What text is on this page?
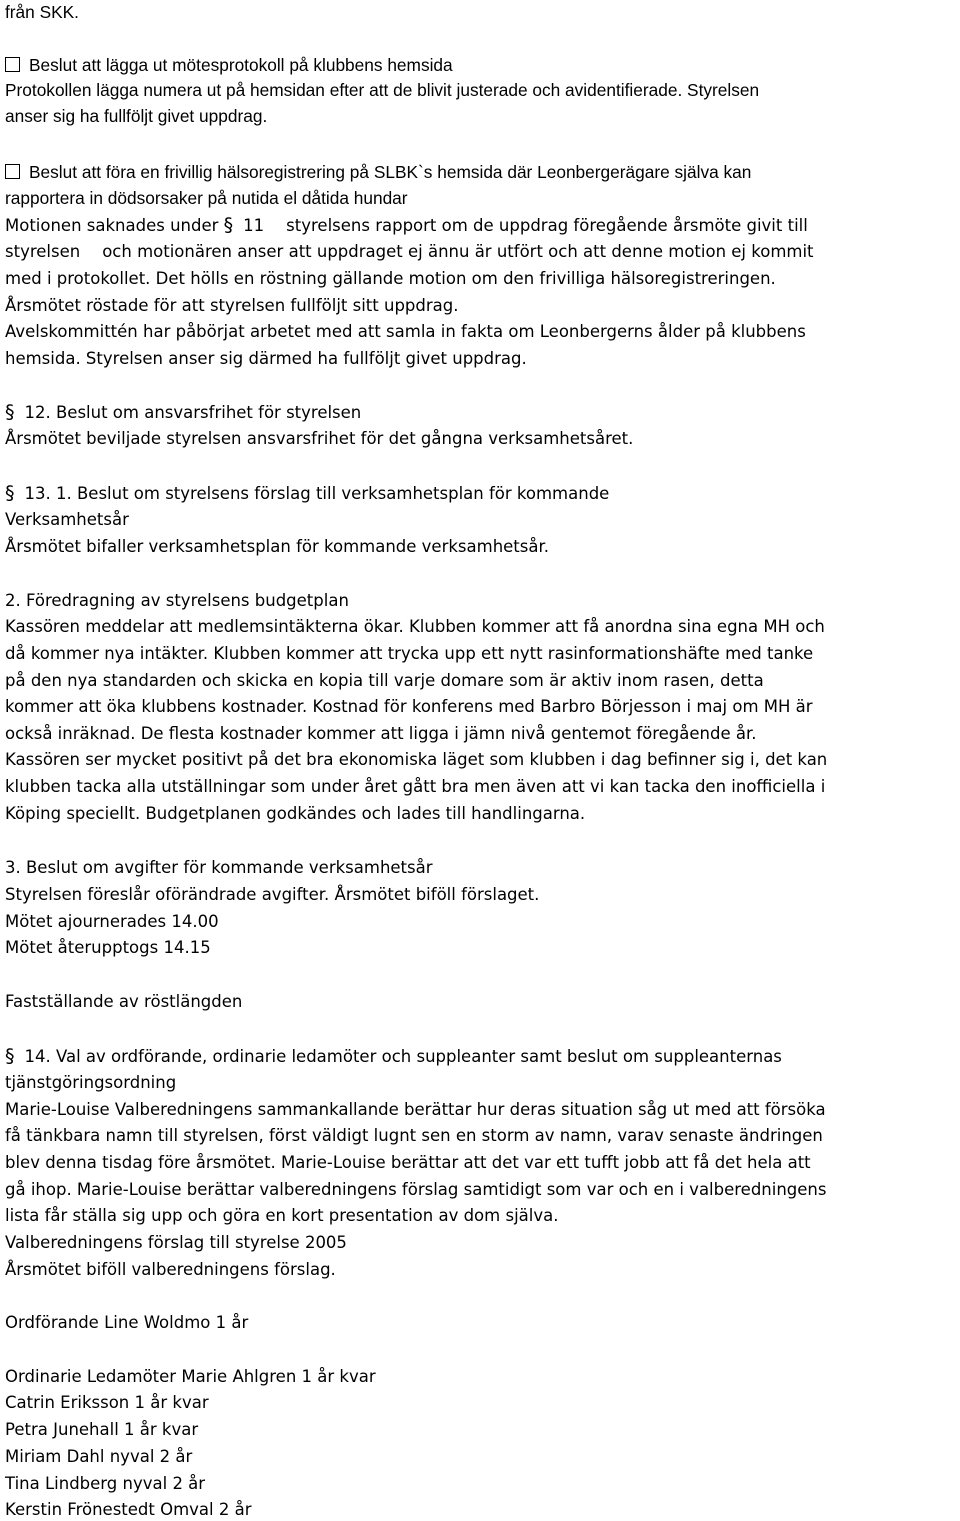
från SKK.
Beslut att lägga ut mötesprotokoll på klubbens hemsida
Protokollen lägga numera ut på hemsidan efter att de blivit justerade och avidentifierade. Styrelsen
anser sig ha fullföljt givet uppdrag.
Beslut att föra en frivillig hälsoregistrering på SLBK`s hemsida där Leonbergerägare själva kan
rapportera in dödsorsaker på nutida el dåtida hundar
Motionen saknades under § 11 styrelsens rapport om de uppdrag föregående årsmöte givit till
styrelsen och motionären anser att uppdraget ej ännu är utfört och att denne motion ej kommit
med i protokollet. Det hölls en röstning gällande motion om den frivilliga hälsoregistreringen.
Årsmötet röstade för att styrelsen fullföljt sitt uppdrag.
Avelskommittén har påbörjat arbetet med att samla in fakta om Leonbergerns ålder på klubbens
hemsida. Styrelsen anser sig därmed ha fullföljt givet uppdrag.
§ 12. Beslut om ansvarsfrihet för styrelsen
Årsmötet beviljade styrelsen ansvarsfrihet för det gångna verksamhetsåret.
§ 13. 1. Beslut om styrelsens förslag till verksamhetsplan för kommande
Verksamhetsår
Årsmötet bifaller verksamhetsplan för kommande verksamhetsår.
2. Föredragning av styrelsens budgetplan
Kassören meddelar att medlemsintäkterna ökar. Klubben kommer att få anordna sina egna MH och
då kommer nya intäkter. Klubben kommer att trycka upp ett nytt rasinformationshäfte med tanke
på den nya standarden och skicka en kopia till varje domare som är aktiv inom rasen, detta
kommer att öka klubbens kostnader. Kostnad för konferens med Barbro Börjesson i maj om MH är
också inräknad. De flesta kostnader kommer att ligga i jämn nivå gentemot föregående år.
Kassören ser mycket positivt på det bra ekonomiska läget som klubben i dag befinner sig i, det kan
klubben tacka alla utställningar som under året gått bra men även att vi kan tacka den inofficiella i
Köping speciellt. Budgetplanen godkändes och lades till handlingarna.
3. Beslut om avgifter för kommande verksamhetsår
Styrelsen föreslår oförändrade avgifter. Årsmötet biföll förslaget.
Mötet ajournerades 14.00
Mötet återupptogs 14.15
Fastställande av röstlängden
§ 14. Val av ordförande, ordinarie ledamöter och suppleanter samt beslut om suppleanternas
tjänstgöringsordning
Marie-Louise Valberedningens sammankallande berättar hur deras situation såg ut med att försöka
få tänkbara namn till styrelsen, först väldigt lugnt sen en storm av namn, varav senaste ändringen
blev denna tisdag före årsmötet. Marie-Louise berättar att det var ett tufft jobb att få det hela att
gå ihop. Marie-Louise berättar valberedningens förslag samtidigt som var och en i valberedningens
lista får ställa sig upp och göra en kort presentation av dom själva.
Valberedningens förslag till styrelse 2005
Årsmötet biföll valberedningens förslag.
Ordförande Line Woldmo 1 år
Ordinarie Ledamöter Marie Ahlgren 1 år kvar
Catrin Eriksson 1 år kvar
Petra Junehall 1 år kvar
Miriam Dahl nyval 2 år
Tina Lindberg nyval 2 år
Kerstin Frönestedt Omval 2 år
